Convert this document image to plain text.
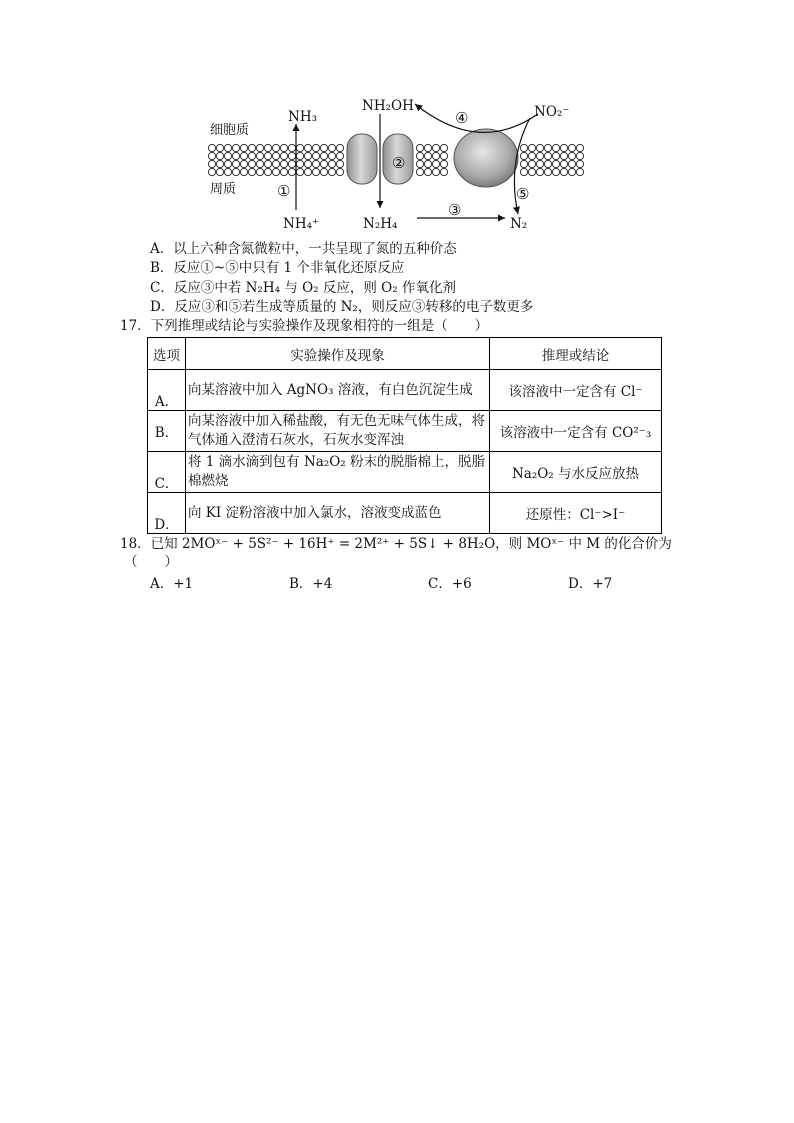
细胞质
周质
NH₃
NH₂OH	NO₂⁻
NH₄⁺	N₂H₄	N₂
①
②
③
④
⑤
A．以上六种含氮微粒中，一共呈现了氮的五种价态
B．反应①~⑤中只有 1 个非氧化还原反应
C．反应③中若 N₂H₄ 与 O₂ 反应，则 O₂ 作氧化剂
D．反应③和⑤若生成等质量的 N₂，则反应③转移的电子数更多
17．下列推理或结论与实验操作及现象相符的一组是（　　）
选项	实验操作及现象	推理或结论
A．	向某溶液中加入 AgNO₃ 溶液，有白色沉淀生成	该溶液中一定含有 Cl⁻
B．	向某溶液中加入稀盐酸，有无色无味气体生成，将气体通入澄清石灰水，石灰水变浑浊	该溶液中一定含有 CO²⁻₃
C．	将 1 滴水滴到包有 Na₂O₂ 粉末的脱脂棉上，脱脂棉燃烧	Na₂O₂ 与水反应放热
D．	向 KI 淀粉溶液中加入氯水，溶液变成蓝色	还原性：Cl⁻>I⁻
18．已知 2MOˣ⁻ + 5S²⁻ + 16H⁺ = 2M²⁺ + 5S↓ + 8H₂O，则 MOˣ⁻ 中 M 的化合价为
（　　）
A．+1	B．+4	C．+6	D．+7
